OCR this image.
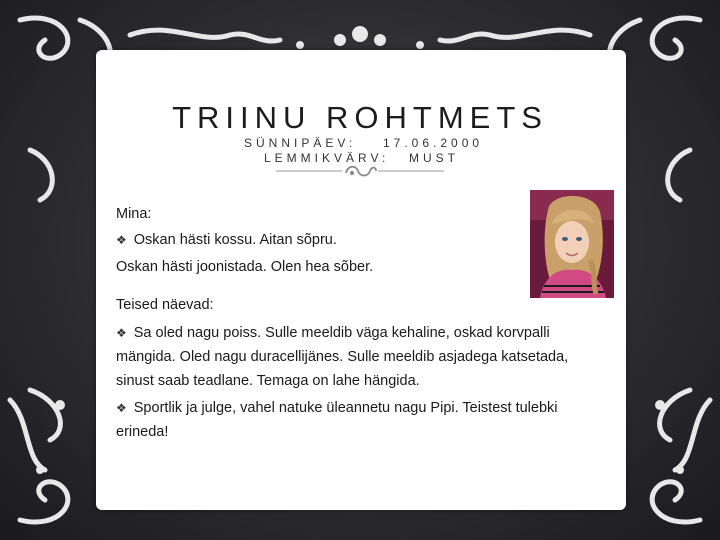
TRIINU ROHTMETS
SÜNNIPÄEV: 17.06.2000
LEMMIKVÄRV: MUST
Mina:
❖ Oskan hästi kossu. Aitan sõpru.
Oskan hästi joonistada. Olen hea sõber.
Teised näevad:
❖ Sa oled nagu poiss. Sulle meeldib väga kehaline, oskad korvpalli
mängida. Oled nagu duracellijänes. Sulle meeldib asjadega katsetada,
sinust saab teadlane. Temaga on lahe hängida.
❖ Sportlik ja julge, vahel natuke üleannetu nagu Pipi. Teistest tulebki
erineda!
